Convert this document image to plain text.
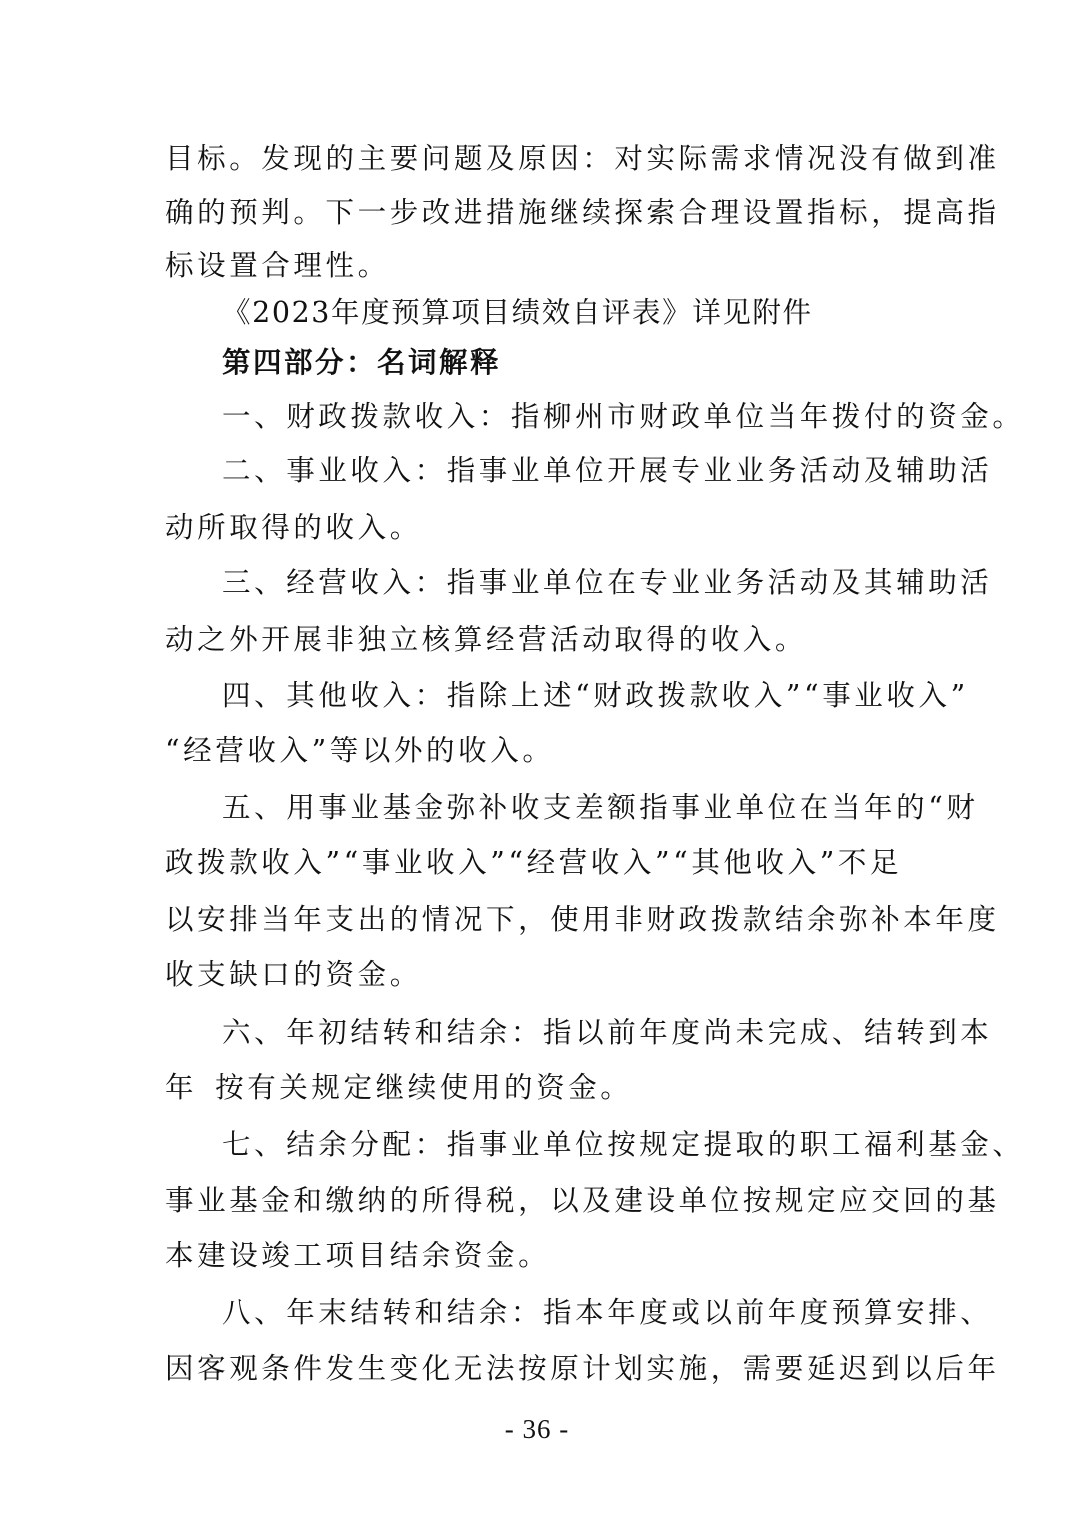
目标。发现的主要问题及原因：对实际需求情况没有做到准
确的预判。下一步改进措施继续探索合理设置指标，提高指
标设置合理性。
《2023年度预算项目绩效自评表》详见附件
第四部分：名词解释
一、财政拨款收入：指柳州市财政单位当年拨付的资金。
二、事业收入：指事业单位开展专业业务活动及辅助活
动所取得的收入。
三、经营收入：指事业单位在专业业务活动及其辅助活
动之外开展非独立核算经营活动取得的收入。
四、其他收入：指除上述“财政拨款收入”“事业收入”
“经营收入”等以外的收入。
五、用事业基金弥补收支差额指事业单位在当年的“财
政拨款收入”“事业收入”“经营收入”“其他收入”不足
以安排当年支出的情况下，使用非财政拨款结余弥补本年度
收支缺口的资金。
六、年初结转和结余：指以前年度尚未完成、结转到本
年 按有关规定继续使用的资金。
七、结余分配：指事业单位按规定提取的职工福利基金、
事业基金和缴纳的所得税，以及建设单位按规定应交回的基
本建设竣工项目结余资金。
八、年末结转和结余：指本年度或以前年度预算安排、
因客观条件发生变化无法按原计划实施，需要延迟到以后年
- 36 -
